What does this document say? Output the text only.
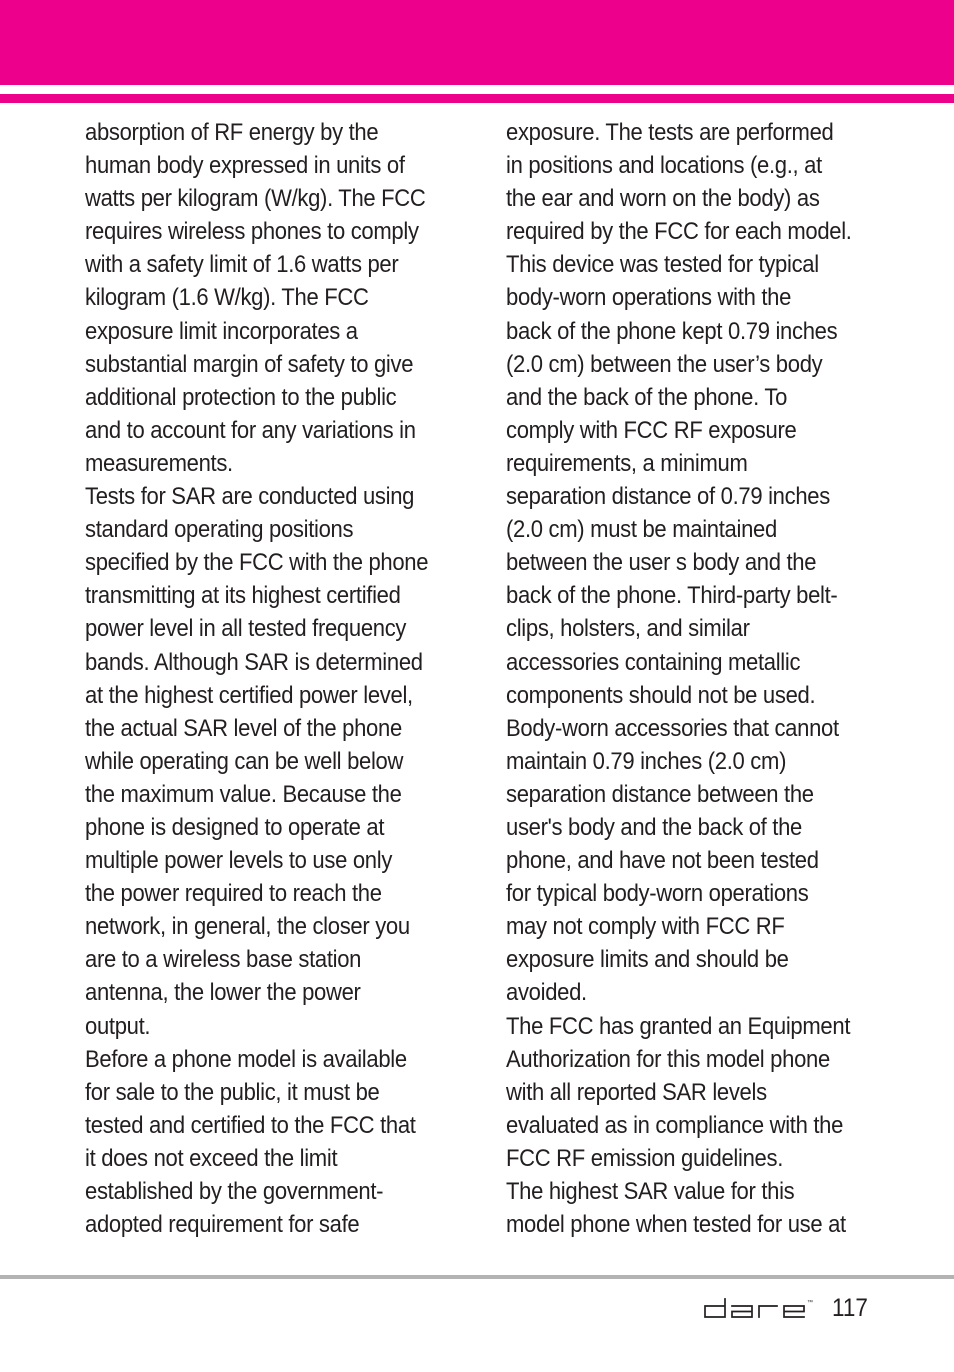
absorption of RF energy by the
human body expressed in units of
watts per kilogram (W/kg). The FCC
requires wireless phones to comply
with a safety limit of 1.6 watts per
kilogram (1.6 W/kg). The FCC
exposure limit incorporates a
substantial margin of safety to give
additional protection to the public
and to account for any variations in
measurements.
Tests for SAR are conducted using
standard operating positions
specified by the FCC with the phone
transmitting at its highest certified
power level in all tested frequency
bands. Although SAR is determined
at the highest certified power level,
the actual SAR level of the phone
while operating can be well below
the maximum value. Because the
phone is designed to operate at
multiple power levels to use only
the power required to reach the
network, in general, the closer you
are to a wireless base station
antenna, the lower the power
output.
Before a phone model is available
for sale to the public, it must be
tested and certified to the FCC that
it does not exceed the limit
established by the government-
adopted requirement for safe
exposure. The tests are performed
in positions and locations (e.g., at
the ear and worn on the body) as
required by the FCC for each model.
This device was tested for typical
body-worn operations with the
back of the phone kept 0.79 inches
(2.0 cm) between the user’s body
and the back of the phone. To
comply with FCC RF exposure
requirements, a minimum
separation distance of 0.79 inches
(2.0 cm) must be maintained
between the user s body and the
back of the phone. Third-party belt-
clips, holsters, and similar
accessories containing metallic
components should not be used.
Body-worn accessories that cannot
maintain 0.79 inches (2.0 cm)
separation distance between the
user's body and the back of the
phone, and have not been tested
for typical body-worn operations
may not comply with FCC RF
exposure limits and should be
avoided.
The FCC has granted an Equipment
Authorization for this model phone
with all reported SAR levels
evaluated as in compliance with the
FCC RF emission guidelines.
The highest SAR value for this
model phone when tested for use at
™ 117
